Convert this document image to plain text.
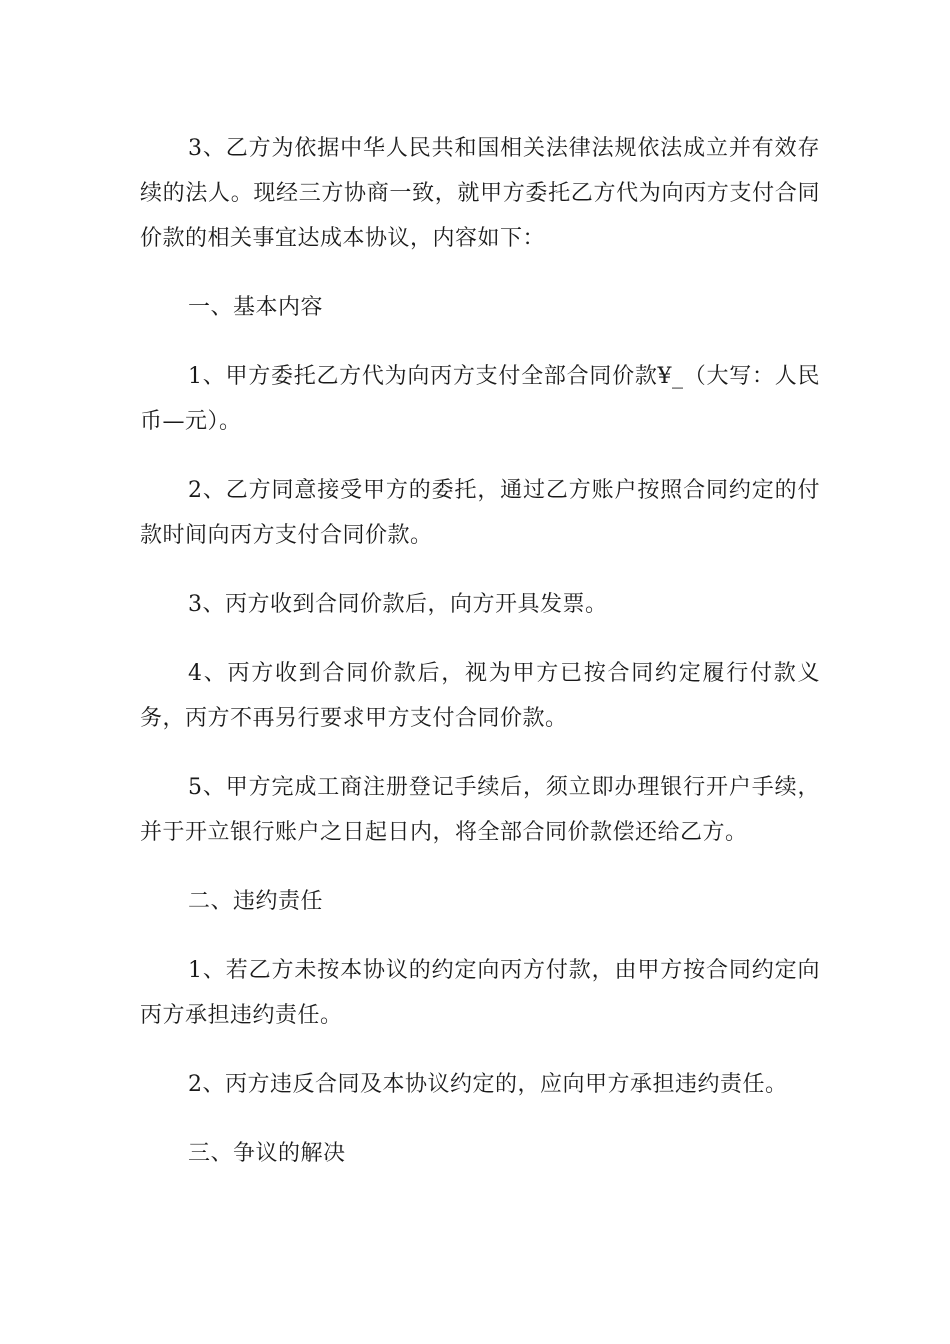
3、乙方为依据中华人民共和国相关法律法规依法成立并有效存续的法人。现经三方协商一致，就甲方委托乙方代为向丙方支付合同价款的相关事宜达成本协议，内容如下：

一、基本内容

1、甲方委托乙方代为向丙方支付全部合同价款¥_（大写：人民币—元）。

2、乙方同意接受甲方的委托，通过乙方账户按照合同约定的付款时间向丙方支付合同价款。

3、丙方收到合同价款后，向方开具发票。

4、丙方收到合同价款后，视为甲方已按合同约定履行付款义务，丙方不再另行要求甲方支付合同价款。

5、甲方完成工商注册登记手续后，须立即办理银行开户手续，并于开立银行账户之日起日内，将全部合同价款偿还给乙方。

二、违约责任

1、若乙方未按本协议的约定向丙方付款，由甲方按合同约定向丙方承担违约责任。

2、丙方违反合同及本协议约定的，应向甲方承担违约责任。

三、争议的解决
